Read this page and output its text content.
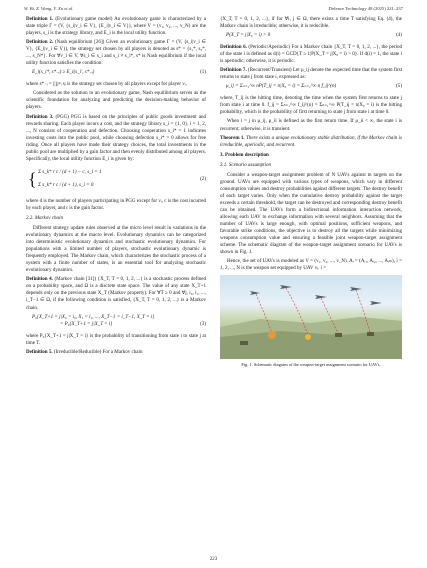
W. Bi, Z. Wang, Y. Xu et al.	Defence Technology 48 (2025) 221–237

Definition 1. (Evolutionary game model) An evolutionary game is characterized by a state triple Γ = (V, {s_i|v_i ∈ V}, {E_i|v_i ∈ V}), where V = (v₁, v₂, ..., v_N) are the players, s_i is the strategy library, and E_i is the local utility function.

Definition 2. (Nash equilibrium [26]) Given an evolutionary game Γ = (V, {s_i|v_i ∈ V}, {E_i|v_i ∈ V}), the strategy set chosen by all players is denoted as s* = {s₁*, s₂*, ..., s_N*}. For ∀v_i ∈ V, ∀s_i ∈ s_i and s_i ≠ s_i*, s* is Nash equilibrium if the local utility function satisfies the condition:

E_i(s_i*, s*₋ᵢ) ≥ E_i(s_i', s*₋ᵢ)	(1)

where s*₋ᵢ = ∏ⱼ≠ᵢ sⱼ is the strategy set chosen by all players except for player vᵢ.

Considered as the solution to an evolutionary game, Nash equilibrium serves as the scientific foundation for analyzing and predicting the decision-making behavior of players.

Definition 3. (PGG) PGG is based on the principles of public goods investment and rewards sharing. Each player incurs a cost, and the strategy library s_i = {1, 0}, i = 1, 2, ..., N consists of cooperation and defection. Choosing cooperation s_i* = 1 indicates investing costs into the public pool, while choosing defection s_i* = 0 allows for free riding. Once all players have made their strategy choices, the total investments in the public pool are multiplied by a gain factor and then evenly distributed among all players. Specifically, the local utility function E_i is given by:

{ Σ s_k* r c / (d + 1) − c, s_i = 1
Σ s_k* r c / (d + 1), s_i = 0
(2)

where d is the number of players participating in PGG except for vᵢ, c is the cost incurred by each player, and r is the gain factor.

2.2. Markov chain

Different strategy update rules observed at the micro level result in variations in the evolutionary dynamics at the macro level. Evolutionary dynamics can be categorized into deterministic evolutionary dynamics and stochastic evolutionary dynamics. For populations with a limited number of players, stochastic evolutionary dynamic is frequently employed. The Markov chain, which characterizes the stochastic process of a system with a finite number of states, is an essential tool for analyzing stochastic evolutionary dynamics.

Definition 4. (Markov chain [31]) {X_T, T = 0, 1, 2, ...} is a stochastic process defined on a probability space, and Ω is a discrete state space. The value of any state X_T+1 depends only on the previous state X_T (Markov property). For ∀T ≥ 0 and ∀j, i₀, i₁, ..., i_T−1 ∈ Ω, if the following condition is satisfied, {X_T, T = 0, 1, 2, ...} is a Markov chain.

P₀{X_T+1 = j|X₀ = i₀, X₁ = i₁, ..., X_T−1 = i_T−1, X_T = i}
= P₀{X_T+1 = j|X_T = i}	(3)

where P₀{X_T+1 = j|X_T = i} is the probability of transitioning from state i to state j at time T.

Definition 5. (Irreducible/Reducible) For a Markov chain

{X_T, T = 0, 1, 2, ...}, if for ∀i, j ∈ Ω, there exists a time T satisfying Eq. (4), the Markov chain is irreducible; otherwise, it is reducible.

P(X_T = j|X₀ = i) > 0	(4)

Definition 6. (Periodic/Aperiodic) For a Markov chain {X_T, T = 0, 1, 2, ...}, the period of the state i is defined as d(i) = GCD{T ≥ 1|P(X_T = j|X₀ = i) > 0}. If d(i) = 1, the state i is aperiodic; otherwise, it is periodic.

Definition 7. (Recurrent/Transient) Let μ_ij denote the expected time that the system first returns to state j from state i, expressed as:

μ_ij = Σₙ₌₁^∞ nP(T_ij = n|X₀ = i) = Σₙ₌₁^∞ n f_ij^(n)	(5)

where, T_ij is the hitting time, denoting the time when the system first returns to state j from state i at time 0. f_ij = Σₙ₌₁^∞ f_ij^(n) = Σₙ₌₁^∞ P(T_ij = n|X₀ = i) is the hitting probability, which is the probability of first returning to state j from state i at time 0.

When i = j in μ_ij, μ_ii is defined as the first return time. If μ_ii < ∞, the state i is recurrent; otherwise, it is transient.

Theorem 1. There exists a unique evolutionary stable distribution, if the Markov chain is irreducible, aperiodic, and recurrent.

3. Problem description
3.1. Scenario assumption

Consider a weapon-target assignment problem of N UAVs against m targets on the ground. UAVs are equipped with various types of weapons, which vary in different consumption values and destroy probabilities against different targets. The destroy benefit of each target varies. Only when the cumulative destroy probability against the target exceeds a certain threshold, the target can be destroyed and corresponding destroy benefit can be obtained. The UAVs form a bidirectional information interaction network, allowing each UAV to exchange information with several neighbors. Assuming that the number of UAVs is large enough, with optimal positions, sufficient weapons, and favorable strike conditions, the objective is to destroy all the targets while minimizing weapons consumption value and ensuring a feasible joint weapon-target assignment scheme. The schematic diagram of the weapon-target assignment scenario for UAVs is shown in Fig. 1.

Hence, the set of UAVs is modeled as V = (v₁, v₂, ..., v_N). Aᵢ = (Aᵢ₁, Aᵢ₂, ..., Aᵢₘ), i = 1, 2, ..., N is the weapon set equipped by UAV vᵢ. i =

Fig. 1. Schematic diagram of the weapon-target assignment scenario for UAVs.
223
